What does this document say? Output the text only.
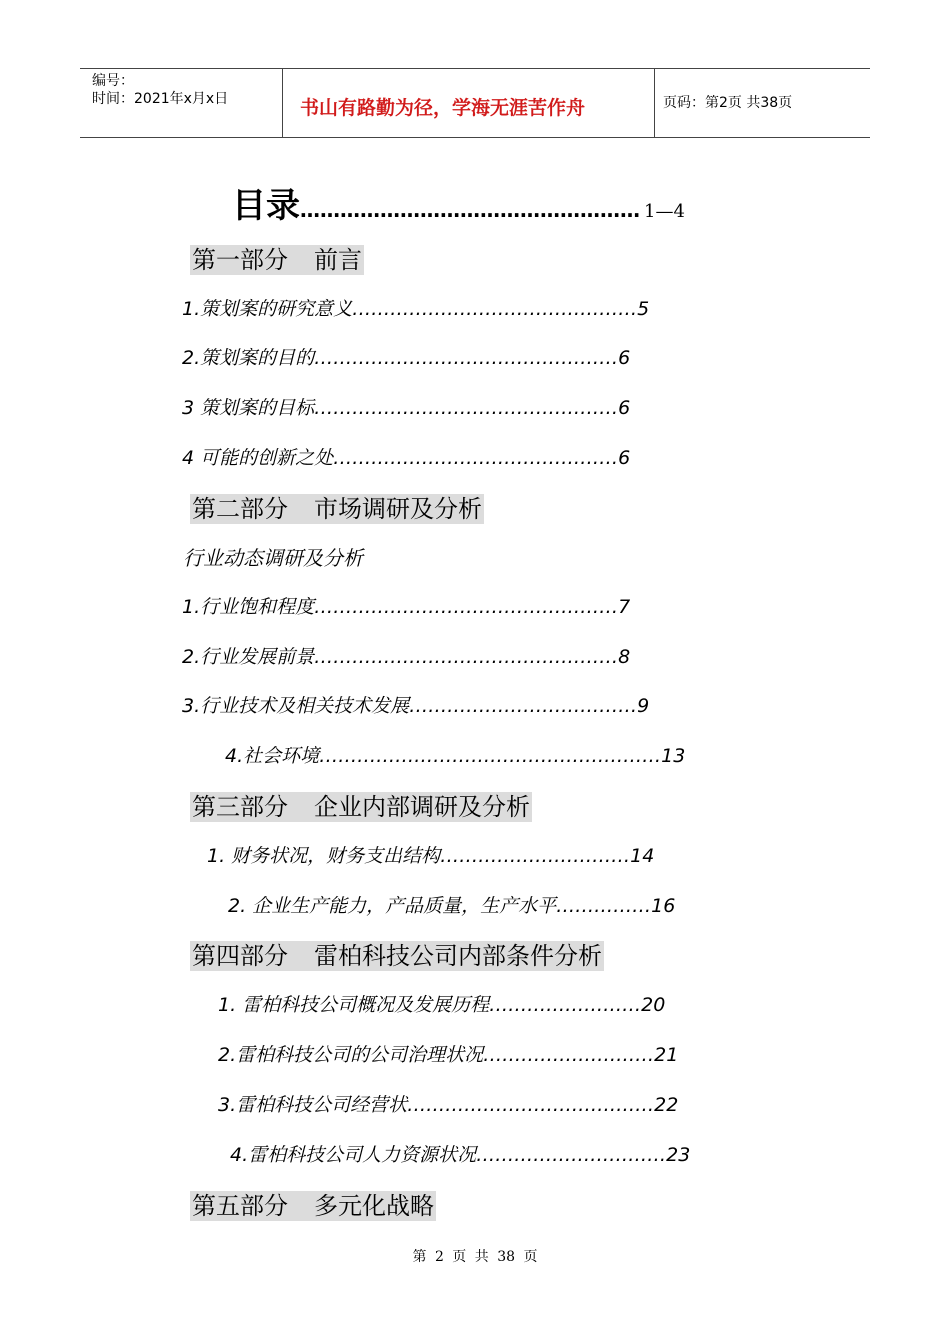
编号：
时间：2021年x月x日	书山有路勤为径，学海无涯苦作舟	页码：第2页 共38页
目录…………………………………………… 1—4
第一部分 前言
1.策划案的研究意义………………………………………5
2.策划案的目的…………………………………………6
3 策划案的目标…………………………………………6
4 可能的创新之处………………………………………6
第二部分 市场调研及分析
行业动态调研及分析
1.行业饱和程度…………………………………………7
2.行业发展前景…………………………………………8
3.行业技术及相关技术发展………………………………9
4.社会环境………………………………………………13
第三部分 企业内部调研及分析
1. 财务状况，财务支出结构…………………………14
2. 企业生产能力，产品质量，生产水平……………16
第四部分 雷柏科技公司内部条件分析
1. 雷柏科技公司概况及发展历程……………………20
2.雷柏科技公司的公司治理状况………………………21
3.雷柏科技公司经营状…………………………………22
4.雷柏科技公司人力资源状况…………………………23
第五部分 多元化战略
第 2 页 共 38 页
